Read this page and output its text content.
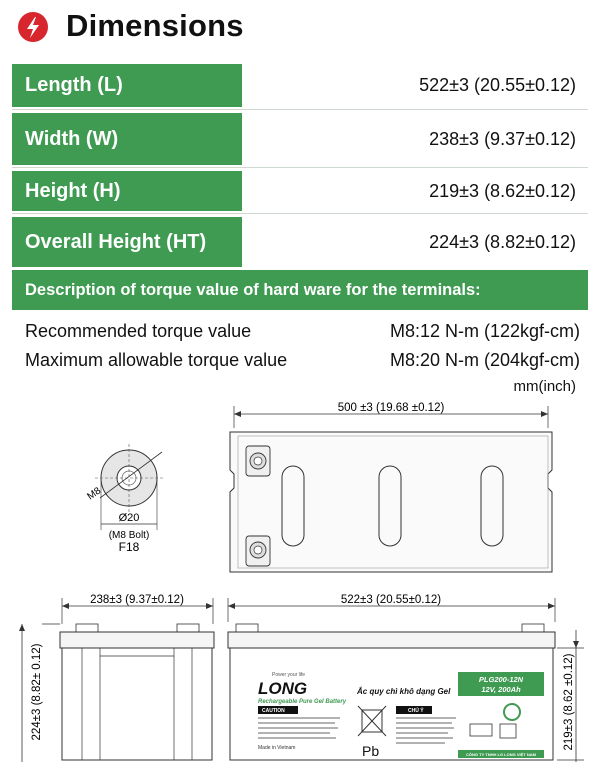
Dimensions
Length (L)	522±3 (20.55±0.12)
Width (W)	238±3 (9.37±0.12)
Height (H)	219±3 (8.62±0.12)
Overall Height (HT)	224±3 (8.82±0.12)
Description of torque value of hard ware for the terminals:
Recommended torque value	M8:12 N-m (122kgf-cm)
Maximum allowable torque value	M8:20 N-m (204kgf-cm)
mm(inch)
M8
Ø20
(M8 Bolt)
F18
500 ±3 (19.68 ±0.12)
238±3 (9.37±0.12)
224±3 (8.82± 0.12)
522±3 (20.55±0.12)
Power your life
LONG
Rechargeable Pure Gel Battery
Ắc quy chì khô dạng Gel
PLG200-12N
12V, 200Ah
CAUTION
Made in Vietnam	Pb
CHÚ Ý
CÔNG TY TNHH LG LONG VIỆT NAM
219±3 (8.62 ±0.12)
